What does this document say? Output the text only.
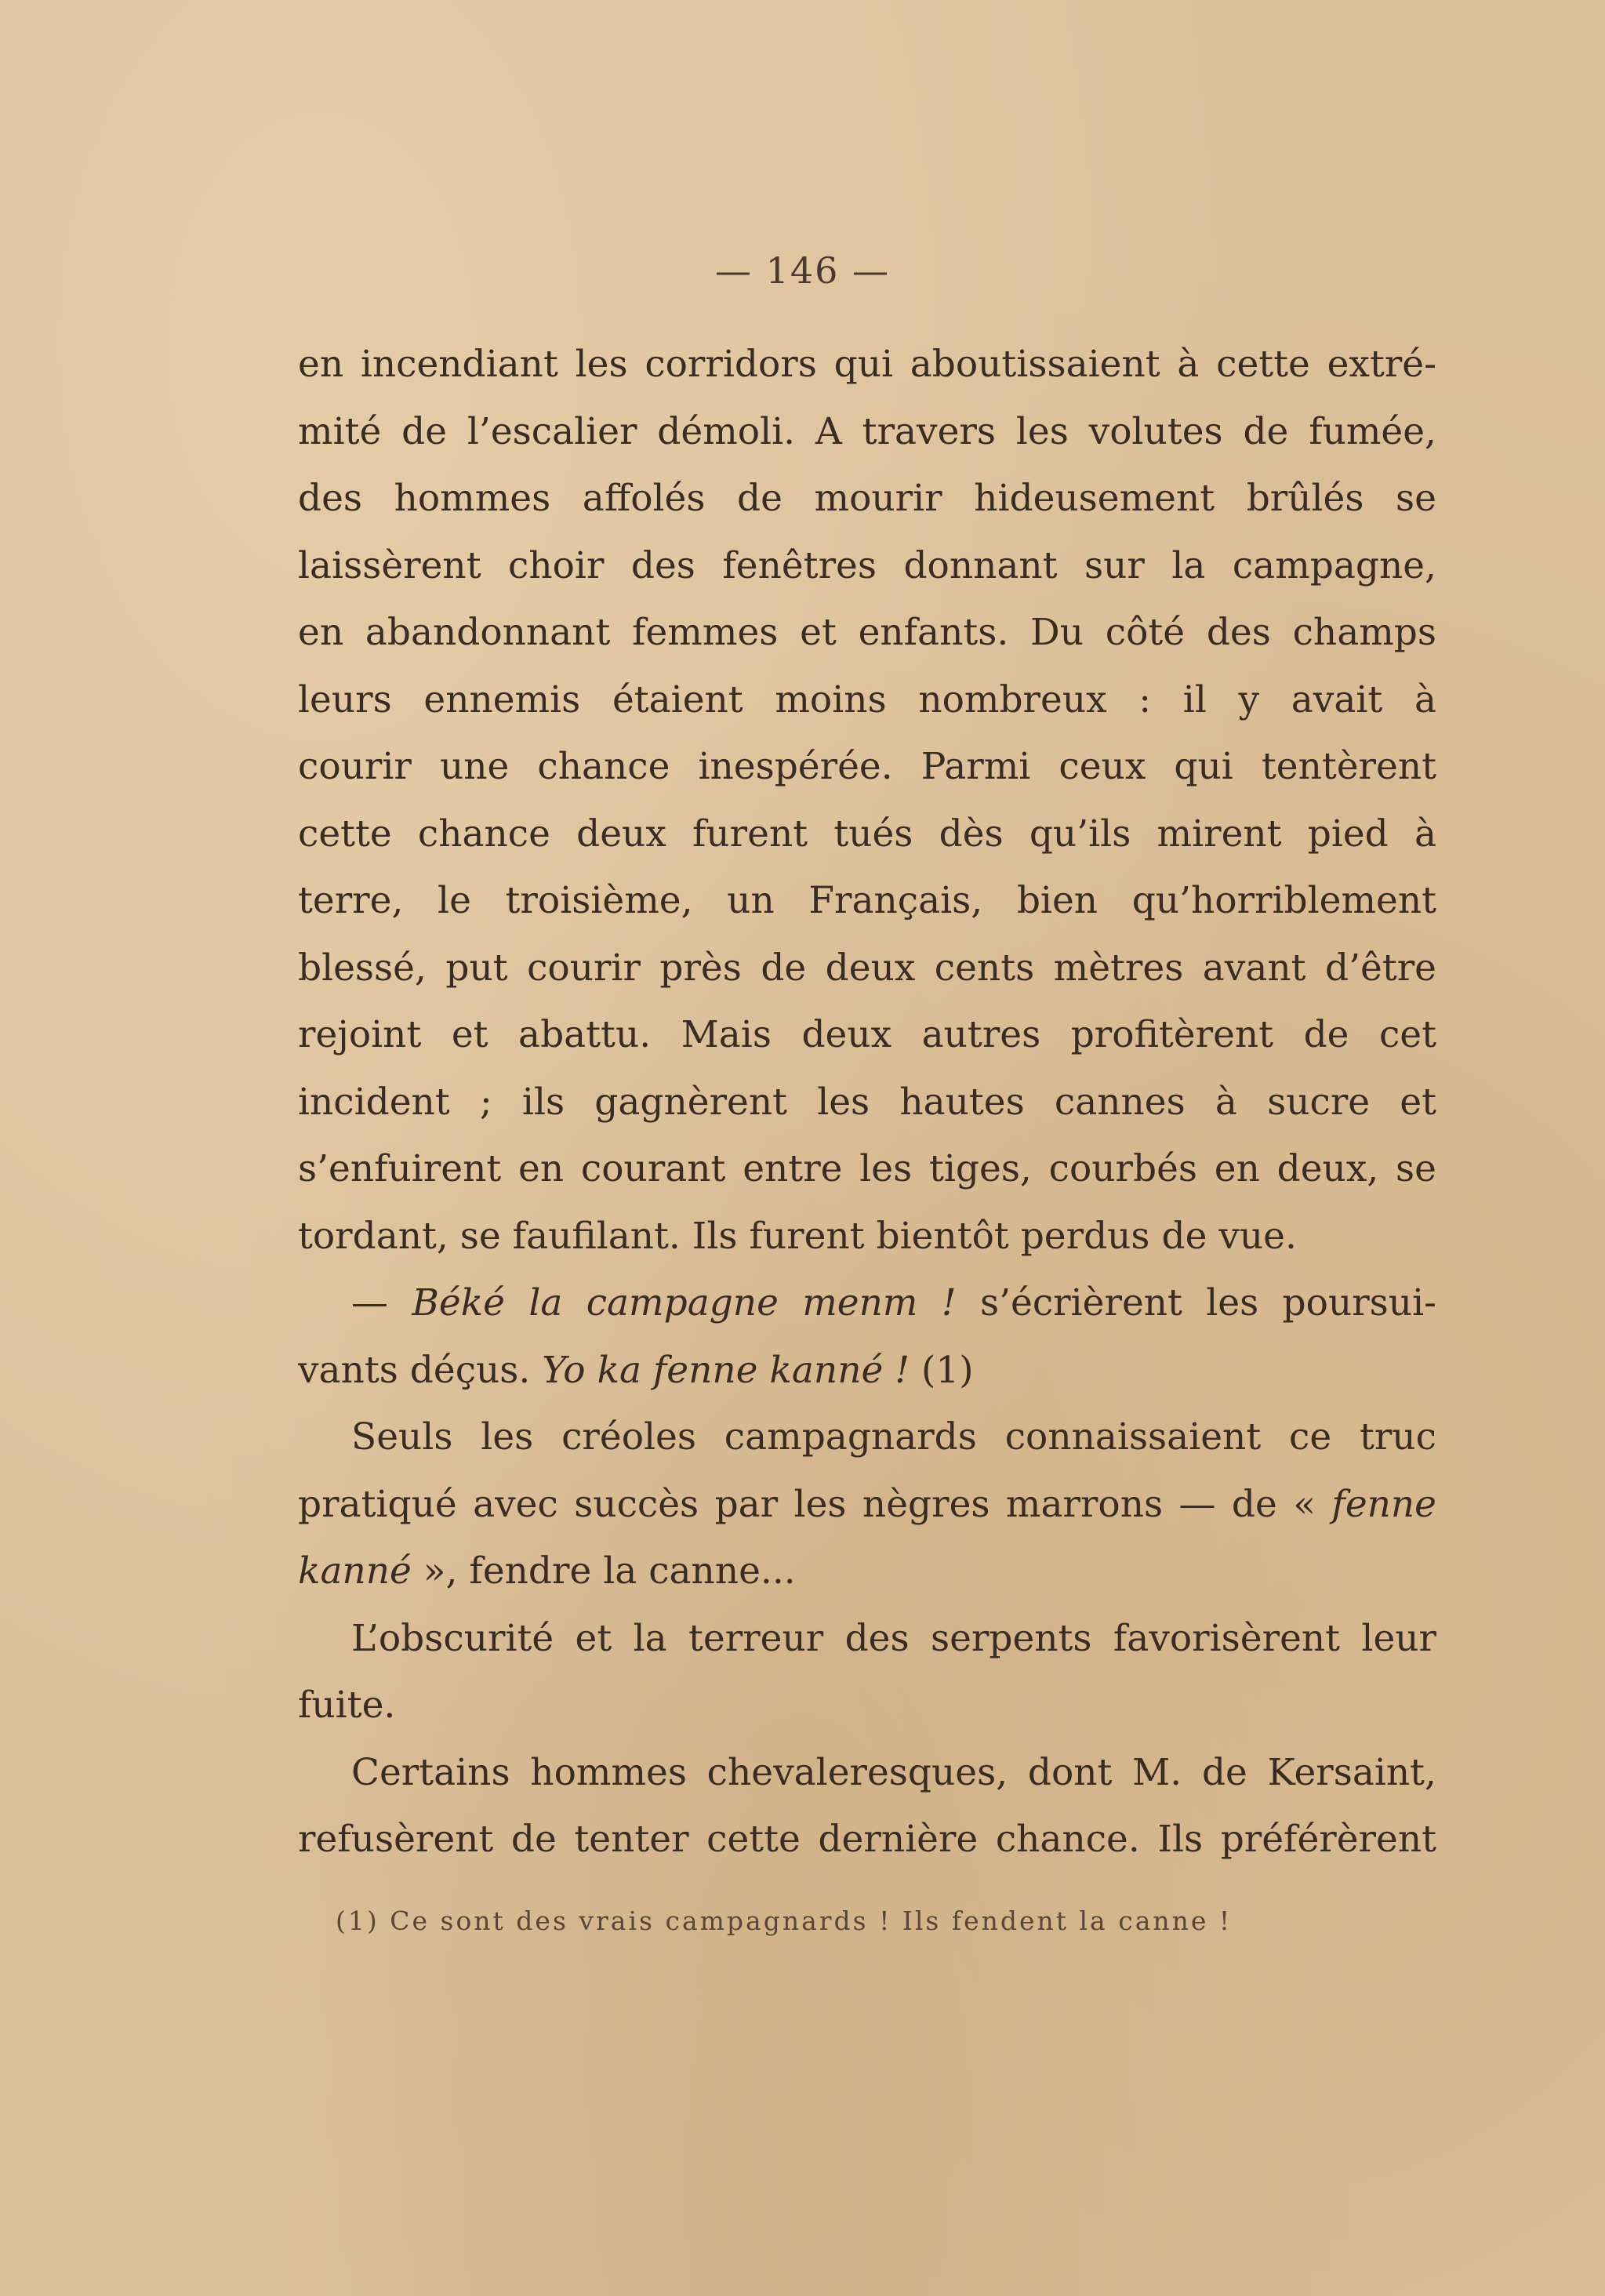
— 146 —
en incendiant les corridors qui aboutissaient à cette extré-
mité de l’escalier démoli. A travers les volutes de fumée,
des hommes affolés de mourir hideusement brûlés se
laissèrent choir des fenêtres donnant sur la campagne,
en abandonnant femmes et enfants. Du côté des champs
leurs ennemis étaient moins nombreux : il y avait à
courir une chance inespérée. Parmi ceux qui tentèrent
cette chance deux furent tués dès qu’ils mirent pied à
terre, le troisième, un Français, bien qu’horriblement
blessé, put courir près de deux cents mètres avant d’être
rejoint et abattu. Mais deux autres profitèrent de cet
incident ; ils gagnèrent les hautes cannes à sucre et
s’enfuirent en courant entre les tiges, courbés en deux, se
tordant, se faufilant. Ils furent bientôt perdus de vue.
— Béké la campagne menm ! s’écrièrent les poursui-
vants déçus. Yo ka fenne kanné ! (1)
Seuls les créoles campagnards connaissaient ce truc
pratiqué avec succès par les nègres marrons — de « fenne
kanné », fendre la canne...
L’obscurité et la terreur des serpents favorisèrent leur
fuite.
Certains hommes chevaleresques, dont M. de Kersaint,
refusèrent de tenter cette dernière chance. Ils préférèrent
(1) Ce sont des vrais campagnards ! Ils fendent la canne !
